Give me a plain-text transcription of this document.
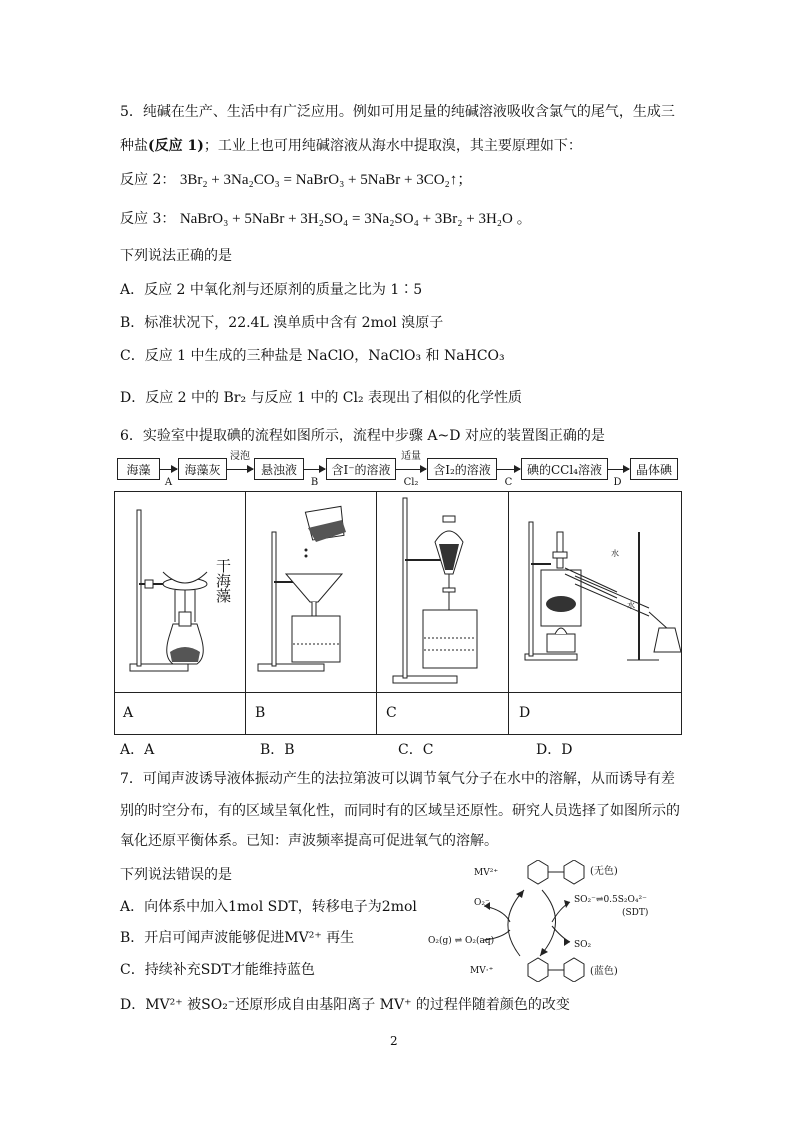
5．纯碱在生产、生活中有广泛应用。例如可用足量的纯碱溶液吸收含氯气的尾气，生成三
种盐(反应 1)；工业上也可用纯碱溶液从海水中提取溴，其主要原理如下：
反应 2： 3Br₂ + 3Na₂CO₃ = NaBrO₃ + 5NaBr + 3CO₂↑；
反应 3： NaBrO₃ + 5NaBr + 3H₂SO₄ = 3Na₂SO₄ + 3Br₂ + 3H₂O 。
下列说法正确的是
A．反应 2 中氧化剂与还原剂的质量之比为 1∶5
B．标准状况下，22.4L 溴单质中含有 2mol 溴原子
C．反应 1 中生成的三种盐是 NaClO，NaClO₃ 和 NaHCO₃
D．反应 2 中的 Br₂ 与反应 1 中的 Cl₂ 表现出了相似的化学性质
6．实验室中提取碘的流程如图所示，流程中步骤 A~D 对应的装置图正确的是
海藻
A
海藻灰
浸泡
悬浊液
B
含I⁻的溶液
适量
Cl₂
含I₂的溶液
C
碘的CCl₄溶液
D
晶体碘
干海藻
水
水
A	B	C	D
A．A	B．B	C．C	D．D
7．可闻声波诱导液体振动产生的法拉第波可以调节氧气分子在水中的溶解，从而诱导有差
别的时空分布，有的区域呈氧化性，而同时有的区域呈还原性。研究人员选择了如图所示的
氧化还原平衡体系。已知：声波频率提高可促进氧气的溶解。
下列说法错误的是
A．向体系中加入1mol SDT，转移电子为2mol
B．开启可闻声波能够促进MV²⁺ 再生
C．持续补充SDT才能维持蓝色
D．MV²⁺ 被SO₂⁻还原形成自由基阳离子 MV⁺ 的过程伴随着颜色的改变
MV²⁺	(无色)
MV·⁺	(蓝色)
O₂⁻	SO₂⁻⇌0.5S₂O₄²⁻
(SDT)
O₂(g) ⇌ O₂(aq)	SO₂
2
